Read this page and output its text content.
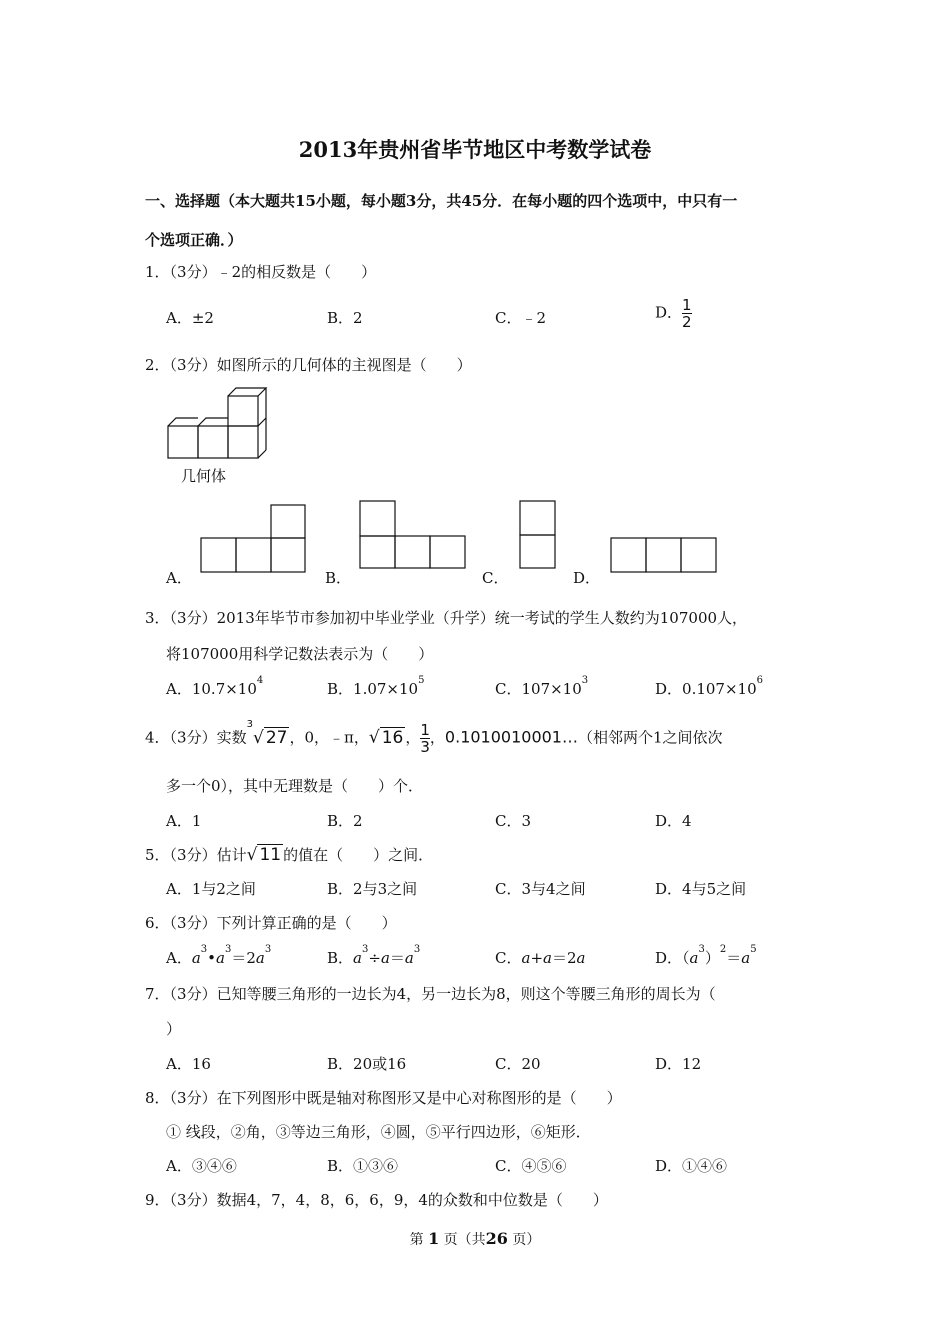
2013年贵州省毕节地区中考数学试卷
一、选择题（本大题共15小题，每小题3分，共45分．在每小题的四个选项中，中只有一
个选项正确．）
1．（3分）﹣2的相反数是（　　）
A．±2	B．2	C．﹣2	D． $\frac{1}{2}$
2．（3分）如图所示的几何体的主视图是（　　）
几何体
A．	B．	C．	D．
3．（3分）2013年毕节市参加初中毕业学业（升学）统一考试的学生人数约为107000人，
将107000用科学记数法表示为（　　）
A．$10.7\times 10^4$	B．$1.07\times 10^5$	C．$107\times 10^3$	D．$0.107\times 10^6$
4．（3分）实数$^3$√ 27 ，0，﹣π，√ 16 ， $\frac{1}{3}$ ，0.1010010001…（相邻两个1之间依次
多一个0），其中无理数是（　　）个．
A．1	B．2	C．3	D．4
5．（3分）估计√ 11 的值在（　　）之间．
A．1与2之间	B．2与3之间	C．3与4之间	D．4与5之间
6．（3分）下列计算正确的是（　　）
A．$a^3•a^3=2a^3$	B．$a^3\div a=a^3$	C．a+a＝2a	D．$(a^3)^2=a^5$
7．（3分）已知等腰三角形的一边长为4，另一边长为8，则这个等腰三角形的周长为（
）
A．16	B．20或16	C．20	D．12
8．（3分）在下列图形中既是轴对称图形又是中心对称图形的是（　　）
① 线段，②角，③等边三角形，④圆，⑤平行四边形，⑥矩形．
A．③④⑥	B．①③⑥	C．④⑤⑥	D．①④⑥
9．（3分）数据4，7，4，8，6，6，9，4的众数和中位数是（　　）
第 1 页（共26 页）
